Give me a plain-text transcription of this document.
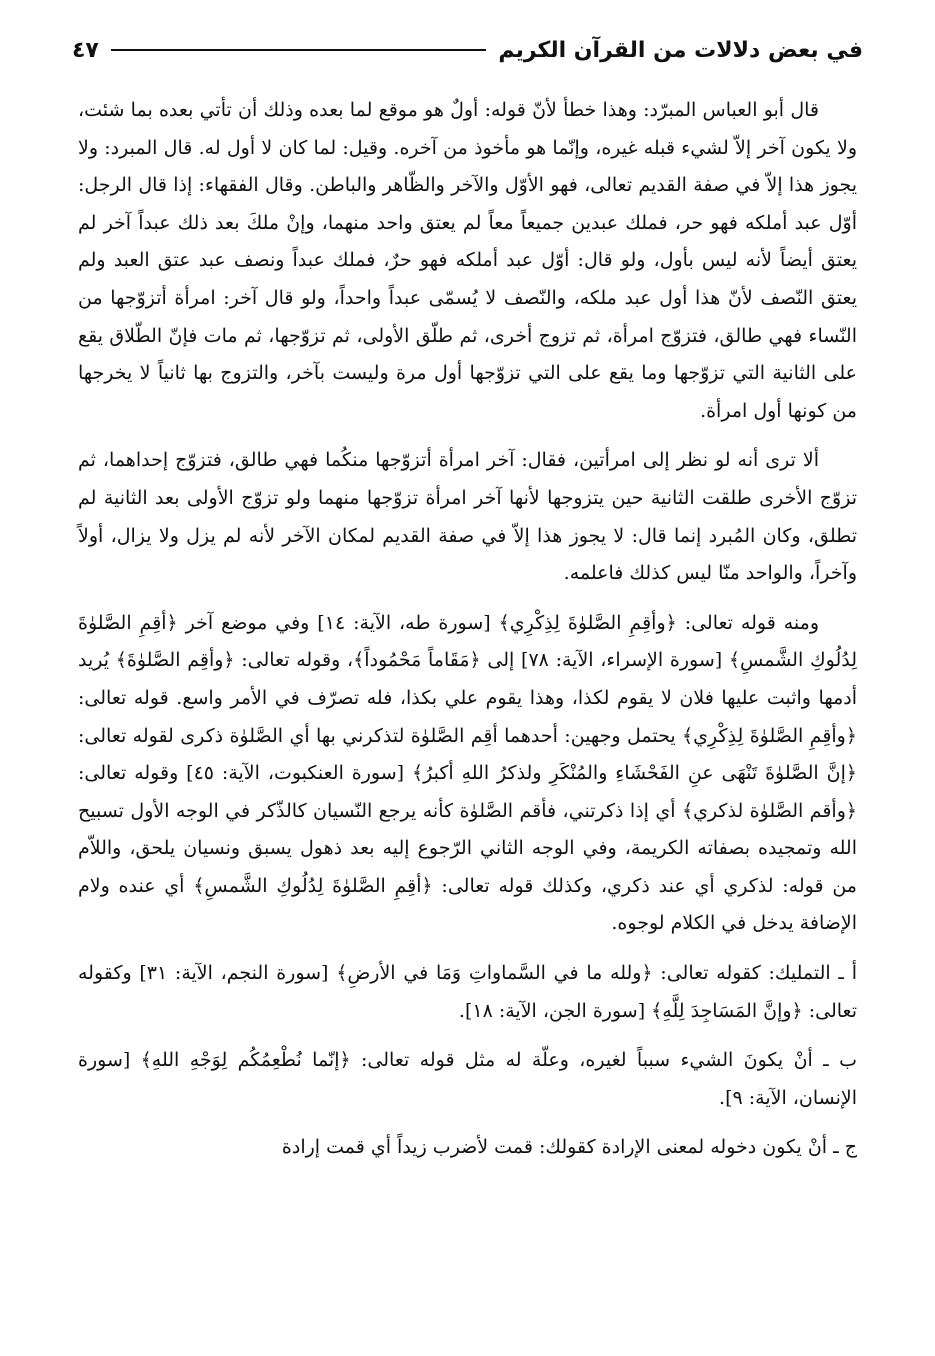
في بعض دلالات من القرآن الكريم
٤٧

قال أبو العباس المبرّد: وهذا خطأ لأنّ قوله: أولٌ هو موقع لما بعده وذلك أن تأتي بعده بما شئت، ولا يكون آخر إلاّ لشيء قبله غيره، وإنّما هو مأخوذ من آخره. وقيل: لما كان لا أول له. قال المبرد: ولا يجوز هذا إلاّ في صفة القديم تعالى، فهو الأوّل والآخر والظّاهر والباطن. وقال الفقهاء: إذا قال الرجل: أوّل عبد أملكه فهو حر، فملك عبدين جميعاً معاً لم يعتق واحد منهما، وإنْ ملكَ بعد ذلك عبداً آخر لم يعتق أيضاً لأنه ليس بأول، ولو قال: أوّل عبد أملكه فهو حرٌ، فملك عبداً ونصف عبد عتق العبد ولم يعتق النّصف لأنّ هذا أول عبد ملكه، والنّصف لا يُسمّى عبداً واحداً، ولو قال آخر: امرأة أتزوّجها من النّساء فهي طالق، فتزوّج امرأة، ثم تزوج أخرى، ثم طلّق الأولى، ثم تزوّجها، ثم مات فإنّ الطّلاق يقع على الثانية التي تزوّجها وما يقع على التي تزوّجها أول مرة وليست بآخر، والتزوج بها ثانياً لا يخرجها من كونها أول امرأة.

ألا ترى أنه لو نظر إلى امرأتين، فقال: آخر امرأة أتزوّجها منكُما فهي طالق، فتزوّج إحداهما، ثم تزوّج الأخرى طلقت الثانية حين يتزوجها لأنها آخر امرأة تزوّجها منهما ولو تزوّج الأولى بعد الثانية لم تطلق، وكان المُبرد إنما قال: لا يجوز هذا إلاّ في صفة القديم لمكان الآخر لأنه لم يزل ولا يزال، أولاً وآخراً، والواحد منّا ليس كذلك فاعلمه.

ومنه قوله تعالى: ﴿وأقِمِ الصَّلوٰةَ لِذِكْرِي﴾ [سورة طه، الآية: ١٤] وفي موضع آخر ﴿أقِمِ الصَّلوٰةَ لِدُلُوكِ الشَّمسِ﴾ [سورة الإسراء، الآية: ٧٨] إلى ﴿مَقَاماً مَحْمُوداً﴾، وقوله تعالى: ﴿وأقِم الصَّلوٰةَ﴾ يُريد أدمها واثبت عليها فلان لا يقوم لكذا، وهذا يقوم علي بكذا، فله تصرّف في الأمر واسع. قوله تعالى: ﴿وأقِمِ الصَّلوٰةَ لِذِكْرِي﴾ يحتمل وجهين: أحدهما أقِم الصَّلوٰة لتذكرني بها أي الصَّلوٰة ذكرى لقوله تعالى: ﴿إنَّ الصَّلوٰةَ تَنْهَى عنِ الفَحْشَاءِ والمُنْكَرِ ولذكرُ اللهِ أكبرُ﴾ [سورة العنكبوت، الآية: ٤٥] وقوله تعالى: ﴿وأقم الصَّلوٰة لذكري﴾ أي إذا ذكرتني، فأقم الصَّلوٰة كأنه يرجع النّسيان كالذّكر في الوجه الأول تسبيح الله وتمجيده بصفاته الكريمة، وفي الوجه الثاني الرّجوع إليه بعد ذهول يسبق ونسيان يلحق، واللاّم من قوله: لذكري أي عند ذكري، وكذلك قوله تعالى: ﴿أقِمِ الصَّلوٰةَ لِدُلُوكِ الشَّمسِ﴾ أي عنده ولام الإضافة يدخل في الكلام لوجوه.

أ ـ التمليك: كقوله تعالى: ﴿ولله ما في السَّماواتِ وَمَا في الأرضِ﴾ [سورة النجم، الآية: ٣١] وكقوله تعالى: ﴿وإنَّ المَسَاجِدَ لِلَّهِ﴾ [سورة الجن، الآية: ١٨].

ب ـ أنْ يكونَ الشيء سبباً لغيره، وعلّة له مثل قوله تعالى: ﴿إنّما نُطْعِمُكُم لِوَجْهِ اللهِ﴾ [سورة الإنسان، الآية: ٩].

ج ـ أنْ يكون دخوله لمعنى الإرادة كقولك: قمت لأضرب زيداً أي قمت إرادة
